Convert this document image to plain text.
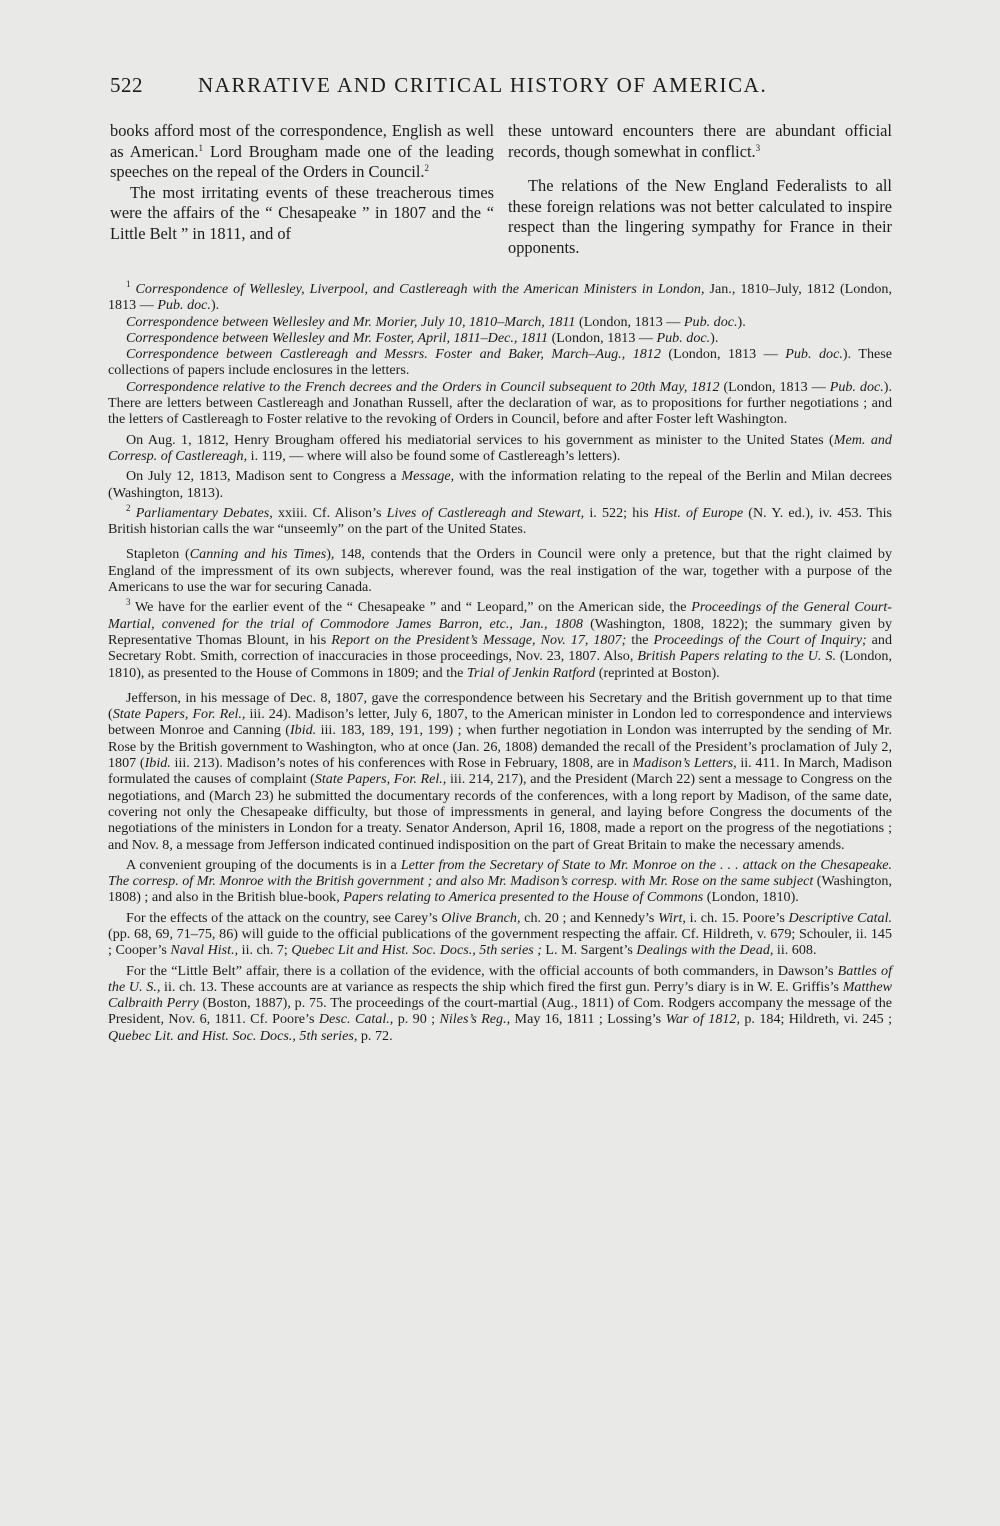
522	NARRATIVE AND CRITICAL HISTORY OF AMERICA.

books afford most of the correspondence, English as well as American.$^1$ Lord Brougham made one of the leading speeches on the repeal of the Orders in Council.$^2$

The most irritating events of these treacherous times were the affairs of the “ Chesapeake ” in 1807 and the “ Little Belt ” in 1811, and of

these untoward encounters there are abundant official records, though somewhat in conflict.$^3$

The relations of the New England Federalists to all these foreign relations was not better calculated to inspire respect than the lingering sympathy for France in their opponents.

$^1$ Correspondence of Wellesley, Liverpool, and Castlereagh with the American Ministers in London, Jan., 1810–July, 1812 (London, 1813 — Pub. doc.).

Correspondence between Wellesley and Mr. Morier, July 10, 1810–March, 1811 (London, 1813 — Pub. doc.).

Correspondence between Wellesley and Mr. Foster, April, 1811–Dec., 1811 (London, 1813 — Pub. doc.).

Correspondence between Castlereagh and Messrs. Foster and Baker, March–Aug., 1812 (London, 1813 — Pub. doc.). These collections of papers include enclosures in the letters.

Correspondence relative to the French decrees and the Orders in Council subsequent to 20th May, 1812 (London, 1813 — Pub. doc.). There are letters between Castlereagh and Jonathan Russell, after the declaration of war, as to propositions for further negotiations ; and the letters of Castlereagh to Foster relative to the revoking of Orders in Council, before and after Foster left Washington.

On Aug. 1, 1812, Henry Brougham offered his mediatorial services to his government as minister to the United States (Mem. and Corresp. of Castlereagh, i. 119, — where will also be found some of Castlereagh’s letters).

On July 12, 1813, Madison sent to Congress a Message, with the information relating to the repeal of the Berlin and Milan decrees (Washington, 1813).

$^2$ Parliamentary Debates, xxiii. Cf. Alison’s Lives of Castlereagh and Stewart, i. 522; his Hist. of Europe (N. Y. ed.), iv. 453. This British historian calls the war “unseemly” on the part of the United States.

Stapleton (Canning and his Times), 148, contends that the Orders in Council were only a pretence, but that the right claimed by England of the impressment of its own subjects, wherever found, was the real instigation of the war, together with a purpose of the Americans to use the war for securing Canada.

$^3$ We have for the earlier event of the “ Chesapeake ” and “ Leopard,” on the American side, the Proceedings of the General Court-Martial, convened for the trial of Commodore James Barron, etc., Jan., 1808 (Washington, 1808, 1822); the summary given by Representative Thomas Blount, in his Report on the President’s Message, Nov. 17, 1807; the Proceedings of the Court of Inquiry; and Secretary Robt. Smith, correction of inaccuracies in those proceedings, Nov. 23, 1807. Also, British Papers relating to the U. S. (London, 1810), as presented to the House of Commons in 1809; and the Trial of Jenkin Ratford (reprinted at Boston).

Jefferson, in his message of Dec. 8, 1807, gave the correspondence between his Secretary and the British government up to that time (State Papers, For. Rel., iii. 24). Madison’s letter, July 6, 1807, to the American minister in London led to correspondence and interviews between Monroe and Canning (Ibid. iii. 183, 189, 191, 199) ; when further negotiation in London was interrupted by the sending of Mr. Rose by the British government to Washington, who at once (Jan. 26, 1808) demanded the recall of the President’s proclamation of July 2, 1807 (Ibid. iii. 213). Madison’s notes of his conferences with Rose in February, 1808, are in Madison’s Letters, ii. 411. In March, Madison formulated the causes of complaint (State Papers, For. Rel., iii. 214, 217), and the President (March 22) sent a message to Congress on the negotiations, and (March 23) he submitted the documentary records of the conferences, with a long report by Madison, of the same date, covering not only the Chesapeake difficulty, but those of impressments in general, and laying before Congress the documents of the negotiations of the ministers in London for a treaty. Senator Anderson, April 16, 1808, made a report on the progress of the negotiations ; and Nov. 8, a message from Jefferson indicated continued indisposition on the part of Great Britain to make the necessary amends.

A convenient grouping of the documents is in a Letter from the Secretary of State to Mr. Monroe on the . . . attack on the Chesapeake. The corresp. of Mr. Monroe with the British government ; and also Mr. Madison’s corresp. with Mr. Rose on the same subject (Washington, 1808) ; and also in the British blue-book, Papers relating to America presented to the House of Commons (London, 1810).

For the effects of the attack on the country, see Carey’s Olive Branch, ch. 20 ; and Kennedy’s Wirt, i. ch. 15. Poore’s Descriptive Catal. (pp. 68, 69, 71–75, 86) will guide to the official publications of the government respecting the affair. Cf. Hildreth, v. 679; Schouler, ii. 145 ; Cooper’s Naval Hist., ii. ch. 7; Quebec Lit and Hist. Soc. Docs., 5th series ; L. M. Sargent’s Dealings with the Dead, ii. 608.

For the “Little Belt” affair, there is a collation of the evidence, with the official accounts of both commanders, in Dawson’s Battles of the U. S., ii. ch. 13. These accounts are at variance as respects the ship which fired the first gun. Perry’s diary is in W. E. Griffis’s Matthew Calbraith Perry (Boston, 1887), p. 75. The proceedings of the court-martial (Aug., 1811) of Com. Rodgers accompany the message of the President, Nov. 6, 1811. Cf. Poore’s Desc. Catal., p. 90 ; Niles’s Reg., May 16, 1811 ; Lossing’s War of 1812, p. 184; Hildreth, vi. 245 ; Quebec Lit. and Hist. Soc. Docs., 5th series, p. 72.
